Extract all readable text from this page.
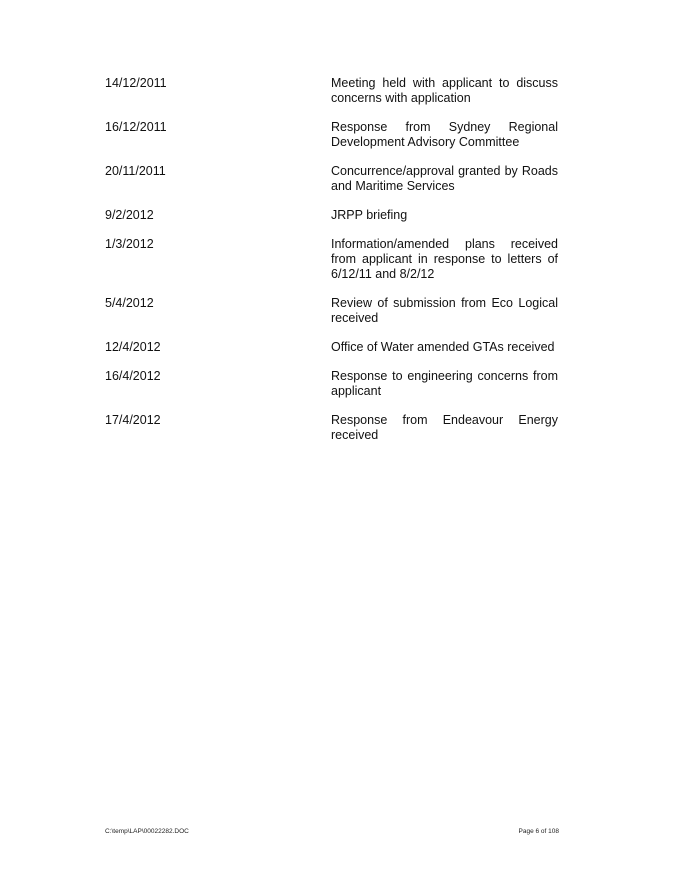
14/12/2011	Meeting held with applicant to discuss concerns with application
16/12/2011	Response from Sydney Regional Development Advisory Committee
20/11/2011	Concurrence/approval granted by Roads and Maritime Services
9/2/2012	JRPP briefing
1/3/2012	Information/amended plans received from applicant in response to letters of 6/12/11 and 8/2/12
5/4/2012	Review of submission from Eco Logical received
12/4/2012	Office of Water amended GTAs received
16/4/2012	Response to engineering concerns from applicant
17/4/2012	Response from Endeavour Energy received
C:\temp\LAP\00022282.DOC	Page 6 of 108
